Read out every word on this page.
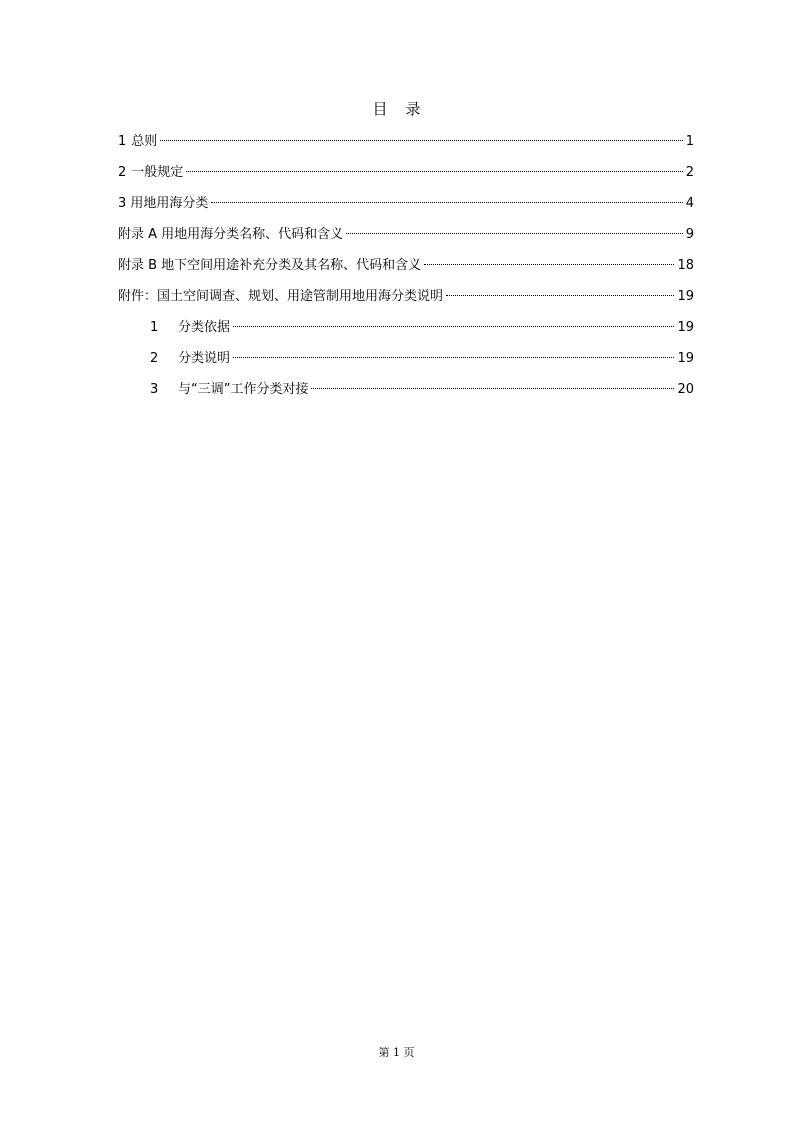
目 录
1 总则	1
2 一般规定	2
3 用地用海分类	4
附录 A 用地用海分类名称、代码和含义	9
附录 B 地下空间用途补充分类及其名称、代码和含义	18
附件：国土空间调查、规划、用途管制用地用海分类说明	19
1	分类依据	19
2	分类说明	19
3	与“三调”工作分类对接	20
第 1 页
